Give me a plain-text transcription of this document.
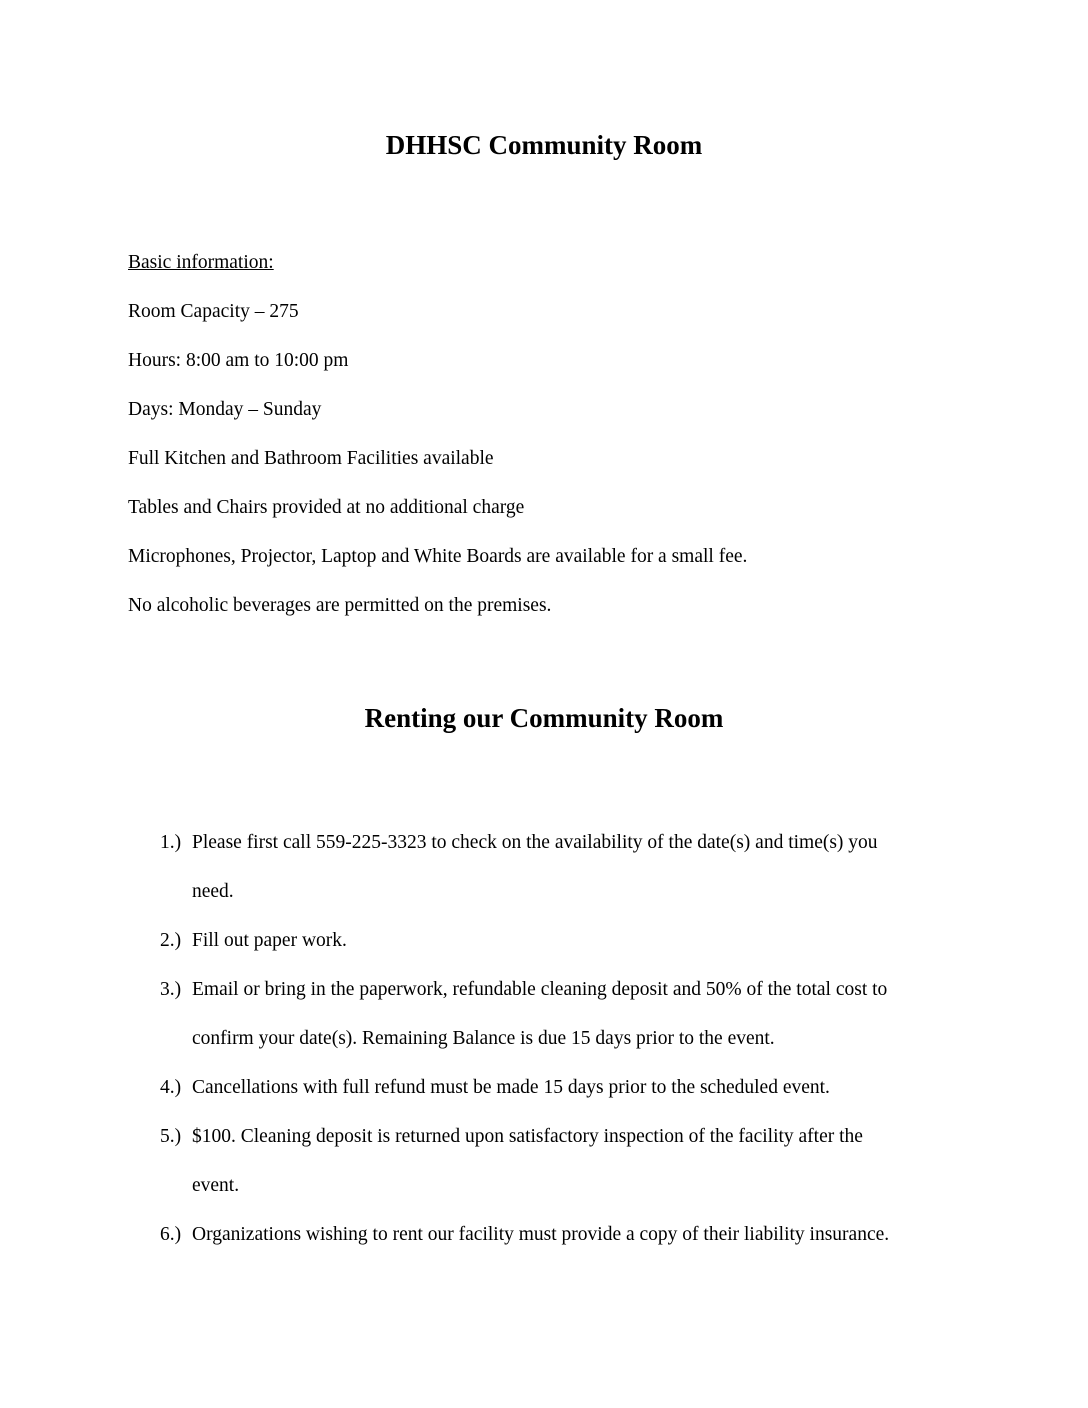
DHHSC Community Room
Basic information:
Room Capacity – 275
Hours: 8:00 am to 10:00 pm
Days: Monday – Sunday
Full Kitchen and Bathroom Facilities available
Tables and Chairs provided at no additional charge
Microphones, Projector, Laptop and White Boards are available for a small fee.
No alcoholic beverages are permitted on the premises.
Renting our Community Room
1.) Please first call 559-225-3323 to check on the availability of the date(s) and time(s) you
need.
2.) Fill out paper work.
3.) Email or bring in the paperwork, refundable cleaning deposit and 50% of the total cost to
confirm your date(s). Remaining Balance is due 15 days prior to the event.
4.) Cancellations with full refund must be made 15 days prior to the scheduled event.
5.) $100. Cleaning deposit is returned upon satisfactory inspection of the facility after the
event.
6.) Organizations wishing to rent our facility must provide a copy of their liability insurance.
